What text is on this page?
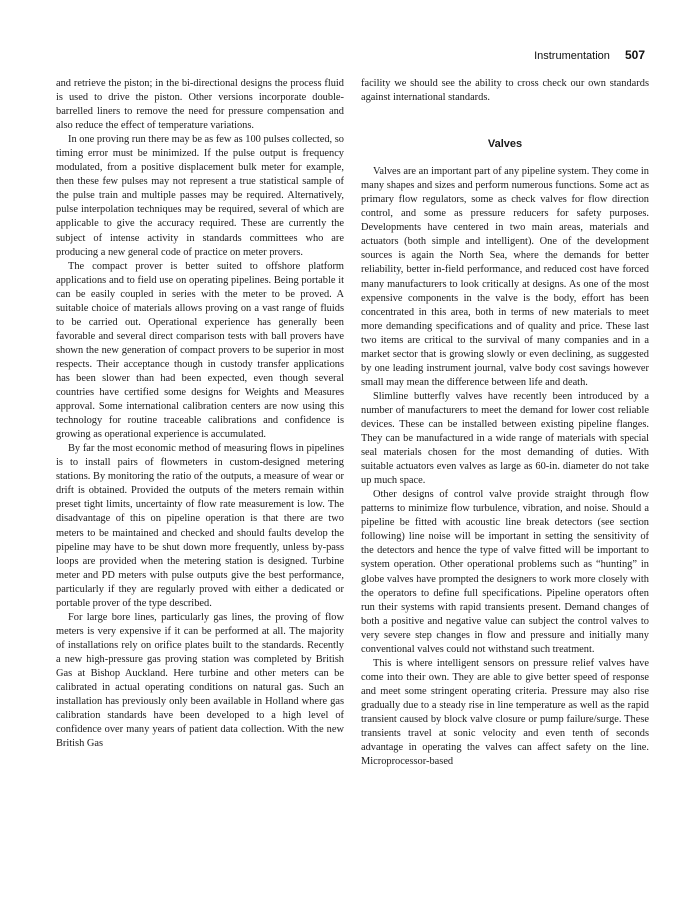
Instrumentation 507

and retrieve the piston; in the bi-directional designs the process fluid is used to drive the piston. Other versions incorporate double-barrelled liners to remove the need for pressure compensation and also reduce the effect of temperature variations.

In one proving run there may be as few as 100 pulses collected, so timing error must be minimized. If the pulse output is frequency modulated, from a positive displacement bulk meter for example, then these few pulses may not represent a true statistical sample of the pulse train and multiple passes may be required. Alternatively, pulse interpolation techniques may be required, several of which are applicable to give the accuracy required. These are currently the subject of intense activity in standards committees who are producing a new general code of practice on meter provers.

The compact prover is better suited to offshore platform applications and to field use on operating pipelines. Being portable it can be easily coupled in series with the meter to be proved. A suitable choice of materials allows proving on a vast range of fluids to be carried out. Operational experience has generally been favorable and several direct comparison tests with ball provers have shown the new generation of compact provers to be superior in most respects. Their acceptance though in custody transfer applications has been slower than had been expected, even though several countries have certified some designs for Weights and Measures approval. Some international calibration centers are now using this technology for routine traceable calibrations and confidence is growing as operational experience is accumulated.

By far the most economic method of measuring flows in pipelines is to install pairs of flowmeters in custom-designed metering stations. By monitoring the ratio of the outputs, a measure of wear or drift is obtained. Provided the outputs of the meters remain within preset tight limits, uncertainty of flow rate measurement is low. The disadvantage of this on pipeline operation is that there are two meters to be maintained and checked and should faults develop the pipeline may have to be shut down more frequently, unless by-pass loops are provided when the metering station is designed. Turbine meter and PD meters with pulse outputs give the best performance, particularly if they are regularly proved with either a dedicated or portable prover of the type described.

For large bore lines, particularly gas lines, the proving of flow meters is very expensive if it can be performed at all. The majority of installations rely on orifice plates built to the standards. Recently a new high-pressure gas proving station was completed by British Gas at Bishop Auckland. Here turbine and other meters can be calibrated in actual operating conditions on natural gas. Such an installation has previously only been available in Holland where gas calibration standards have been developed to a high level of confidence over many years of patient data collection. With the new British Gas

facility we should see the ability to cross check our own standards against international standards.

Valves

Valves are an important part of any pipeline system. They come in many shapes and sizes and perform numerous functions. Some act as primary flow regulators, some as check valves for flow direction control, and some as pressure reducers for safety purposes. Developments have centered in two main areas, materials and actuators (both simple and intelligent). One of the development sources is again the North Sea, where the demands for better reliability, better in-field performance, and reduced cost have forced many manufacturers to look critically at designs. As one of the most expensive components in the valve is the body, effort has been concentrated in this area, both in terms of new materials to meet more demanding specifications and of quality and price. These last two items are critical to the survival of many companies and in a market sector that is growing slowly or even declining, as suggested by one leading instrument journal, valve body cost savings however small may mean the difference between life and death.

Slimline butterfly valves have recently been introduced by a number of manufacturers to meet the demand for lower cost reliable devices. These can be installed between existing pipeline flanges. They can be manufactured in a wide range of materials with special seal materials chosen for the most demanding of duties. With suitable actuators even valves as large as 60-in. diameter do not take up much space.

Other designs of control valve provide straight through flow patterns to minimize flow turbulence, vibration, and noise. Should a pipeline be fitted with acoustic line break detectors (see section following) line noise will be important in setting the sensitivity of the detectors and hence the type of valve fitted will be important to system operation. Other operational problems such as “hunting” in globe valves have prompted the designers to work more closely with the operators to define full specifications. Pipeline operators often run their systems with rapid transients present. Demand changes of both a positive and negative value can subject the control valves to very severe step changes in flow and pressure and initially many conventional valves could not withstand such treatment.

This is where intelligent sensors on pressure relief valves have come into their own. They are able to give better speed of response and meet some stringent operating criteria. Pressure may also rise gradually due to a steady rise in line temperature as well as the rapid transient caused by block valve closure or pump failure/surge. These transients travel at sonic velocity and even tenth of seconds advantage in operating the valves can affect safety on the line. Microprocessor-based
